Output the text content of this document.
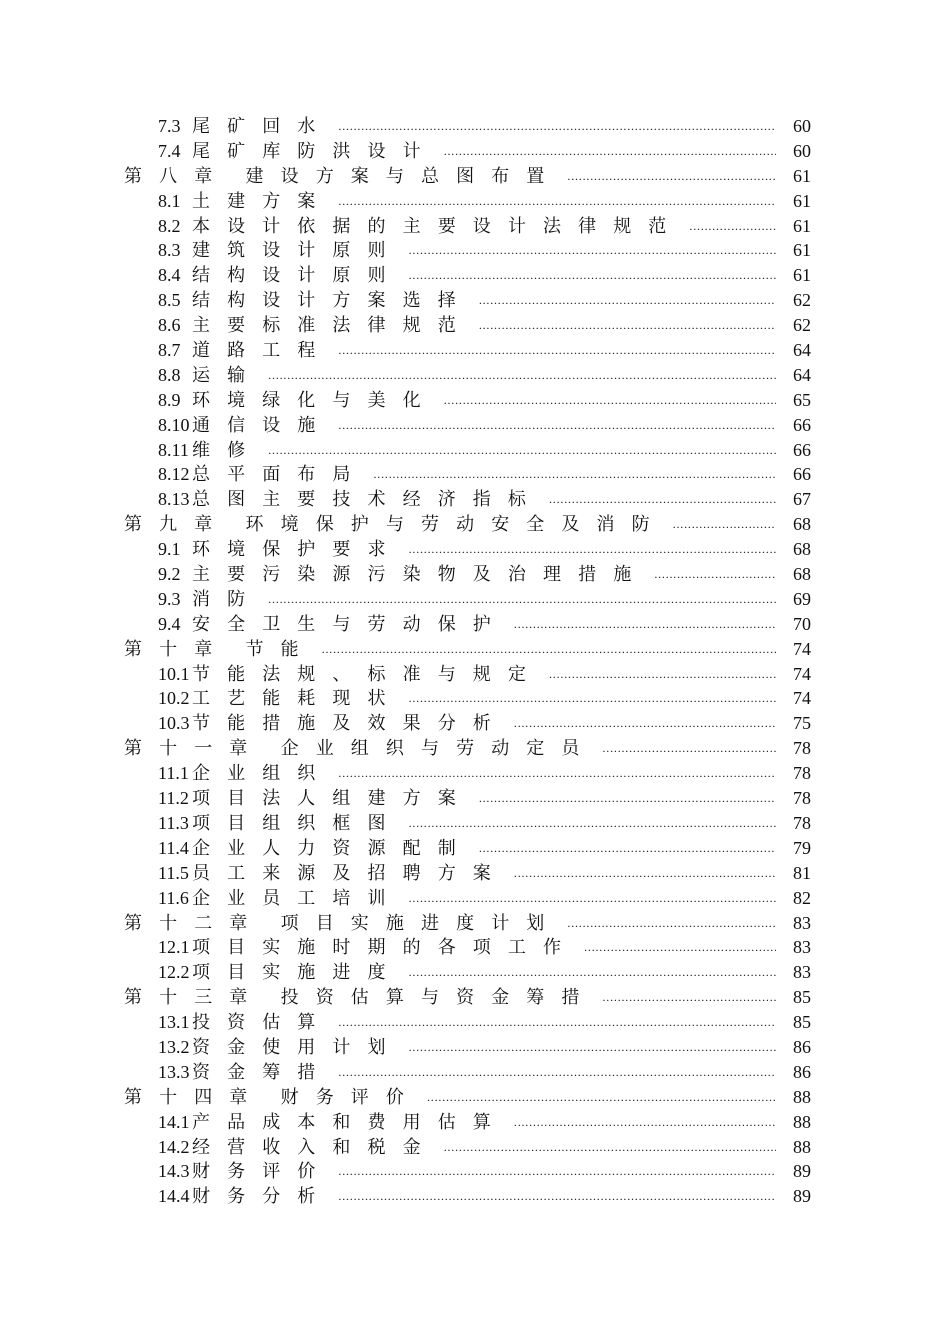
7.3 尾矿回水 .....	60
7.4 尾矿库防洪设计 .....	60
第八章 建设方案与总图布置 .....	61
8.1 土建方案 .....	61
8.2 本设计依据的主要设计法律规范 .....	61
8.3 建筑设计原则 .....	61
8.4 结构设计原则 .....	61
8.5 结构设计方案选择 .....	62
8.6 主要标准法律规范 .....	62
8.7 道路工程 .....	64
8.8 运输 .....	64
8.9 环境绿化与美化 .....	65
8.10 通信设施 .....	66
8.11 维修 .....	66
8.12 总平面布局 .....	66
8.13 总图主要技术经济指标 .....	67
第九章 环境保护与劳动安全及消防 .....	68
9.1 环境保护要求 .....	68
9.2 主要污染源污染物及治理措施 .....	68
9.3 消防 .....	69
9.4 安全卫生与劳动保护 .....	70
第十章 节能 .....	74
10.1 节能法规、标准与规定 .....	74
10.2 工艺能耗现状 .....	74
10.3 节能措施及效果分析 .....	75
第十一章 企业组织与劳动定员 .....	78
11.1 企业组织 .....	78
11.2 项目法人组建方案 .....	78
11.3 项目组织框图 .....	78
11.4 企业人力资源配制 .....	79
11.5 员工来源及招聘方案 .....	81
11.6 企业员工培训 .....	82
第十二章 项目实施进度计划 .....	83
12.1 项目实施时期的各项工作 .....	83
12.2 项目实施进度 .....	83
第十三章 投资估算与资金筹措 .....	85
13.1 投资估算 .....	85
13.2 资金使用计划 .....	86
13.3 资金筹措 .....	86
第十四章 财务评价 .....	88
14.1 产品成本和费用估算 .....	88
14.2 经营收入和税金 .....	88
14.3 财务评价 .....	89
14.4 财务分析 .....	89
